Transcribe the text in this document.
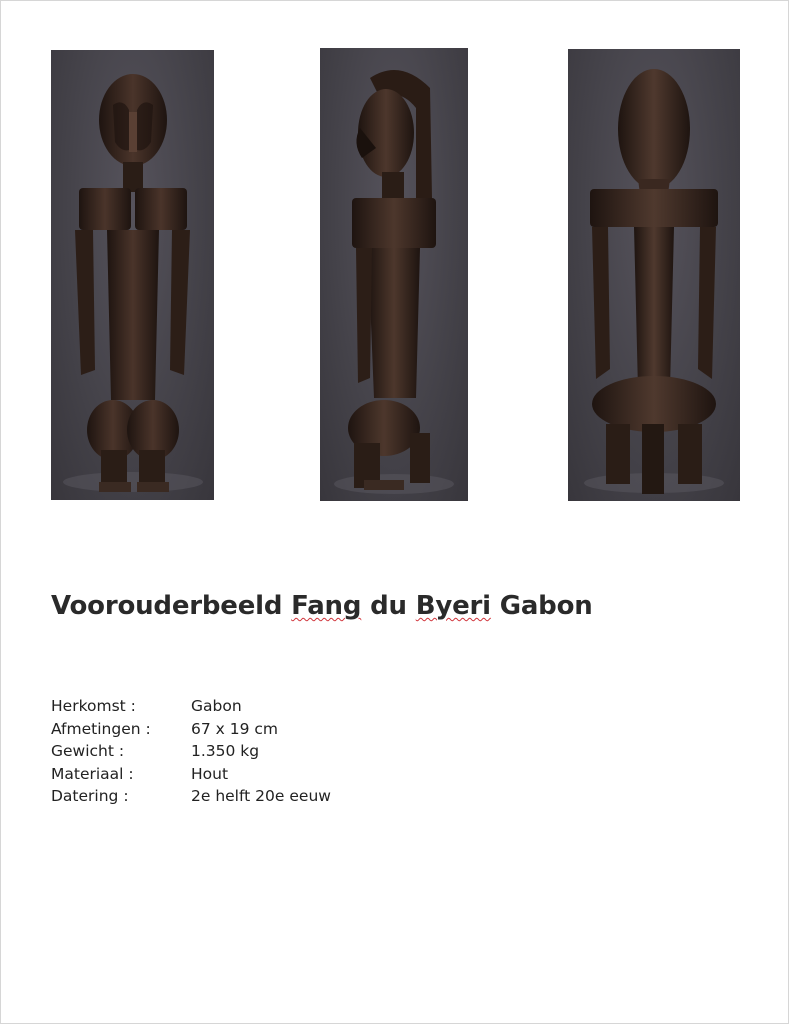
Voorouderbeeld Fang du Byeri Gabon
Herkomst :	Gabon
Afmetingen :	67 x 19 cm
Gewicht :	1.350 kg
Materiaal :	Hout
Datering :	2e helft 20e eeuw
